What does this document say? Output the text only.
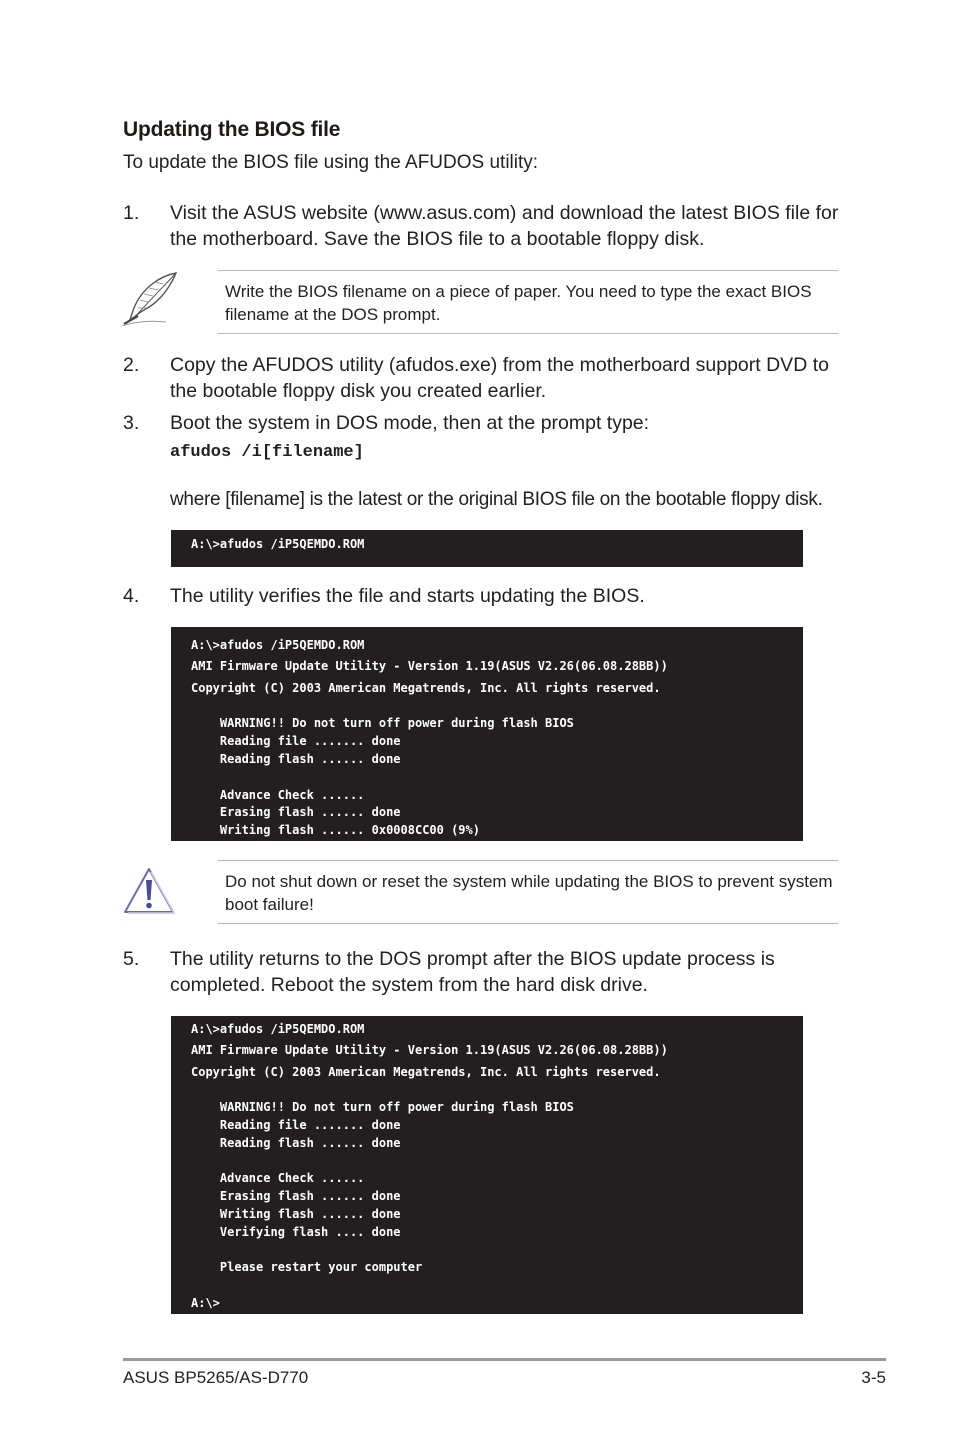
Updating the BIOS file
To update the BIOS file using the AFUDOS utility:
1.	Visit the ASUS website (www.asus.com) and download the latest BIOS file for the motherboard. Save the BIOS file to a bootable floppy disk.
Write the BIOS filename on a piece of paper. You need to type the exact BIOS filename at the DOS prompt.
2.	Copy the AFUDOS utility (afudos.exe) from the motherboard support DVD to the bootable floppy disk you created earlier.
3.	Boot the system in DOS mode, then at the prompt type:
afudos /i[filename]
where [filename] is the latest or the original BIOS file on the bootable floppy disk.
A:\>afudos /iP5QEMDO.ROM
4.	The utility verifies the file and starts updating the BIOS.
A:\>afudos /iP5QEMDO.ROM
AMI Firmware Update Utility - Version 1.19(ASUS V2.26(06.08.28BB))
Copyright (C) 2003 American Megatrends, Inc. All rights reserved.
WARNING!! Do not turn off power during flash BIOS
Reading file ....... done
Reading flash ...... done
Advance Check ......
Erasing flash ...... done
Writing flash ...... 0x0008CC00 (9%)
Do not shut down or reset the system while updating the BIOS to prevent system boot failure!
5.	The utility returns to the DOS prompt after the BIOS update process is completed. Reboot the system from the hard disk drive.
A:\>afudos /iP5QEMDO.ROM
AMI Firmware Update Utility - Version 1.19(ASUS V2.26(06.08.28BB))
Copyright (C) 2003 American Megatrends, Inc. All rights reserved.
WARNING!! Do not turn off power during flash BIOS
Reading file ....... done
Reading flash ...... done
Advance Check ......
Erasing flash ...... done
Writing flash ...... done
Verifying flash .... done
Please restart your computer
A:\>
ASUS BP5265/AS-D770	3-5
